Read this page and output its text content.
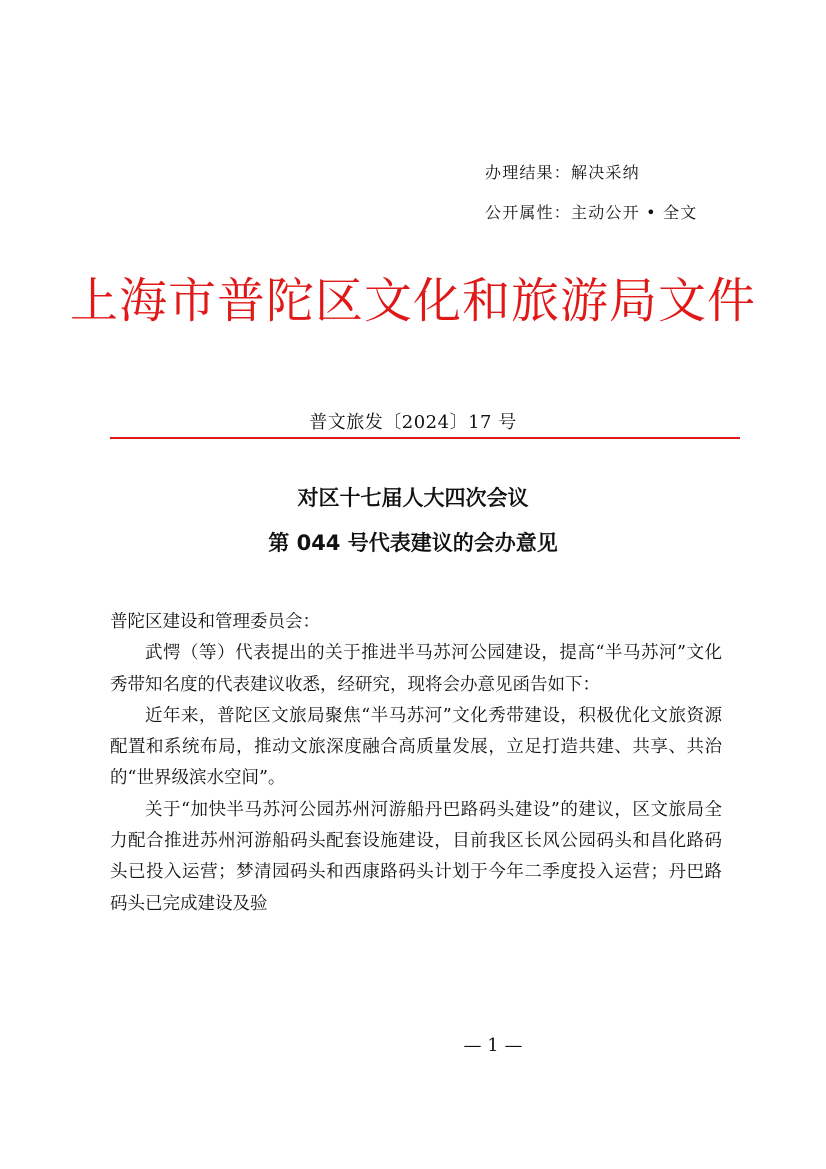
办理结果：解决采纳
公开属性：主动公开 • 全文
上海市普陀区文化和旅游局文件
普文旅发〔2024〕17 号
对区十七届人大四次会议
第 044 号代表建议的会办意见

普陀区建设和管理委员会：

武愕（等）代表提出的关于推进半马苏河公园建设，提高“半马苏河”文化秀带知名度的代表建议收悉，经研究，现将会办意见函告如下：

近年来，普陀区文旅局聚焦“半马苏河”文化秀带建设，积极优化文旅资源配置和系统布局，推动文旅深度融合高质量发展，立足打造共建、共享、共治的“世界级滨水空间”。

关于“加快半马苏河公园苏州河游船丹巴路码头建设”的建议，区文旅局全力配合推进苏州河游船码头配套设施建设，目前我区长风公园码头和昌化路码头已投入运营；梦清园码头和西康路码头计划于今年二季度投入运营；丹巴路码头已完成建设及验

— 1 —
